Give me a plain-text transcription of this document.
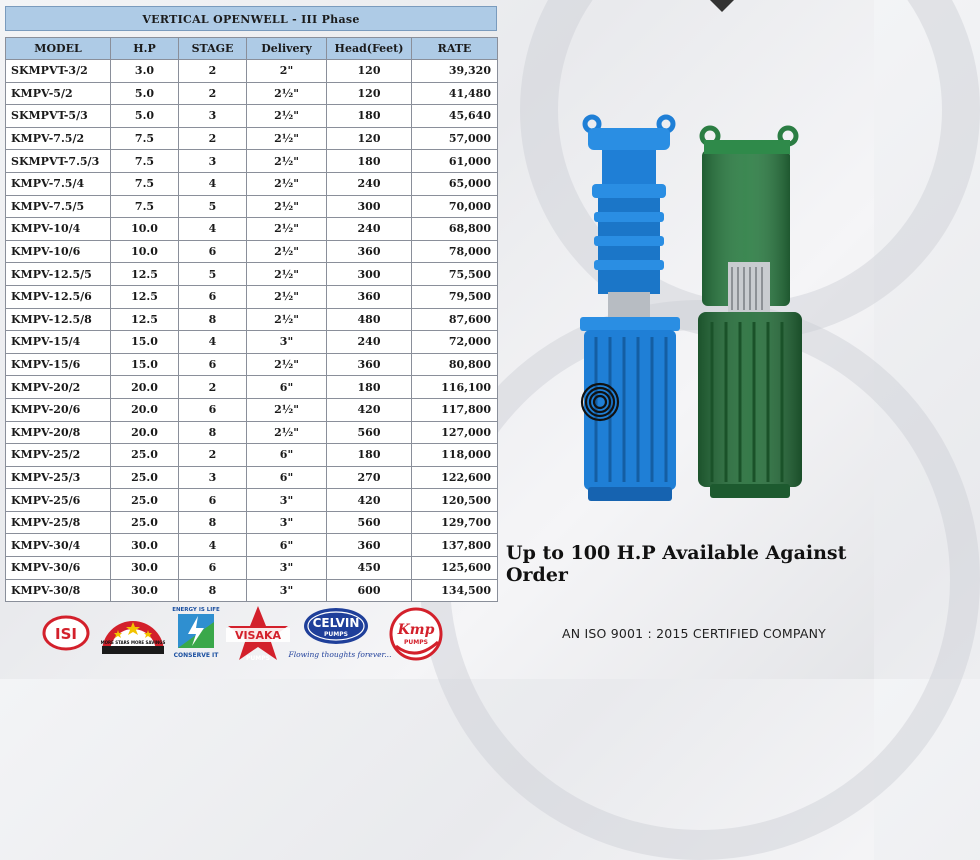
VERTICAL OPENWELL - III Phase
MODEL	H.P	STAGE	Delivery	Head(Feet)	RATE
SKMPVT-3/2	3.0	2	2"	120	39,320
KMPV-5/2	5.0	2	2½"	120	41,480
SKMPVT-5/3	5.0	3	2½"	180	45,640
KMPV-7.5/2	7.5	2	2½"	120	57,000
SKMPVT-7.5/3	7.5	3	2½"	180	61,000
KMPV-7.5/4	7.5	4	2½"	240	65,000
KMPV-7.5/5	7.5	5	2½"	300	70,000
KMPV-10/4	10.0	4	2½"	240	68,800
KMPV-10/6	10.0	6	2½"	360	78,000
KMPV-12.5/5	12.5	5	2½"	300	75,500
KMPV-12.5/6	12.5	6	2½"	360	79,500
KMPV-12.5/8	12.5	8	2½"	480	87,600
KMPV-15/4	15.0	4	3"	240	72,000
KMPV-15/6	15.0	6	2½"	360	80,800
KMPV-20/2	20.0	2	6"	180	116,100
KMPV-20/6	20.0	6	2½"	420	117,800
KMPV-20/8	20.0	8	2½"	560	127,000
KMPV-25/2	25.0	2	6"	180	118,000
KMPV-25/3	25.0	3	6"	270	122,600
KMPV-25/6	25.0	6	3"	420	120,500
KMPV-25/8	25.0	8	3"	560	129,700
KMPV-30/4	30.0	4	6"	360	137,800
KMPV-30/6	30.0	6	3"	450	125,600
KMPV-30/8	30.0	8	3"	600	134,500
Up to 100 H.P Available Against Order
AN ISO 9001 : 2015 CERTIFIED COMPANY
ISI	MORE STARS MORE SAVINGS
ENERGY IS LIFE
CONSERVE IT
VISAKA
PUMPS
CELVIN
PUMPS
Flowing thoughts forever...
Kmp
PUMPS
